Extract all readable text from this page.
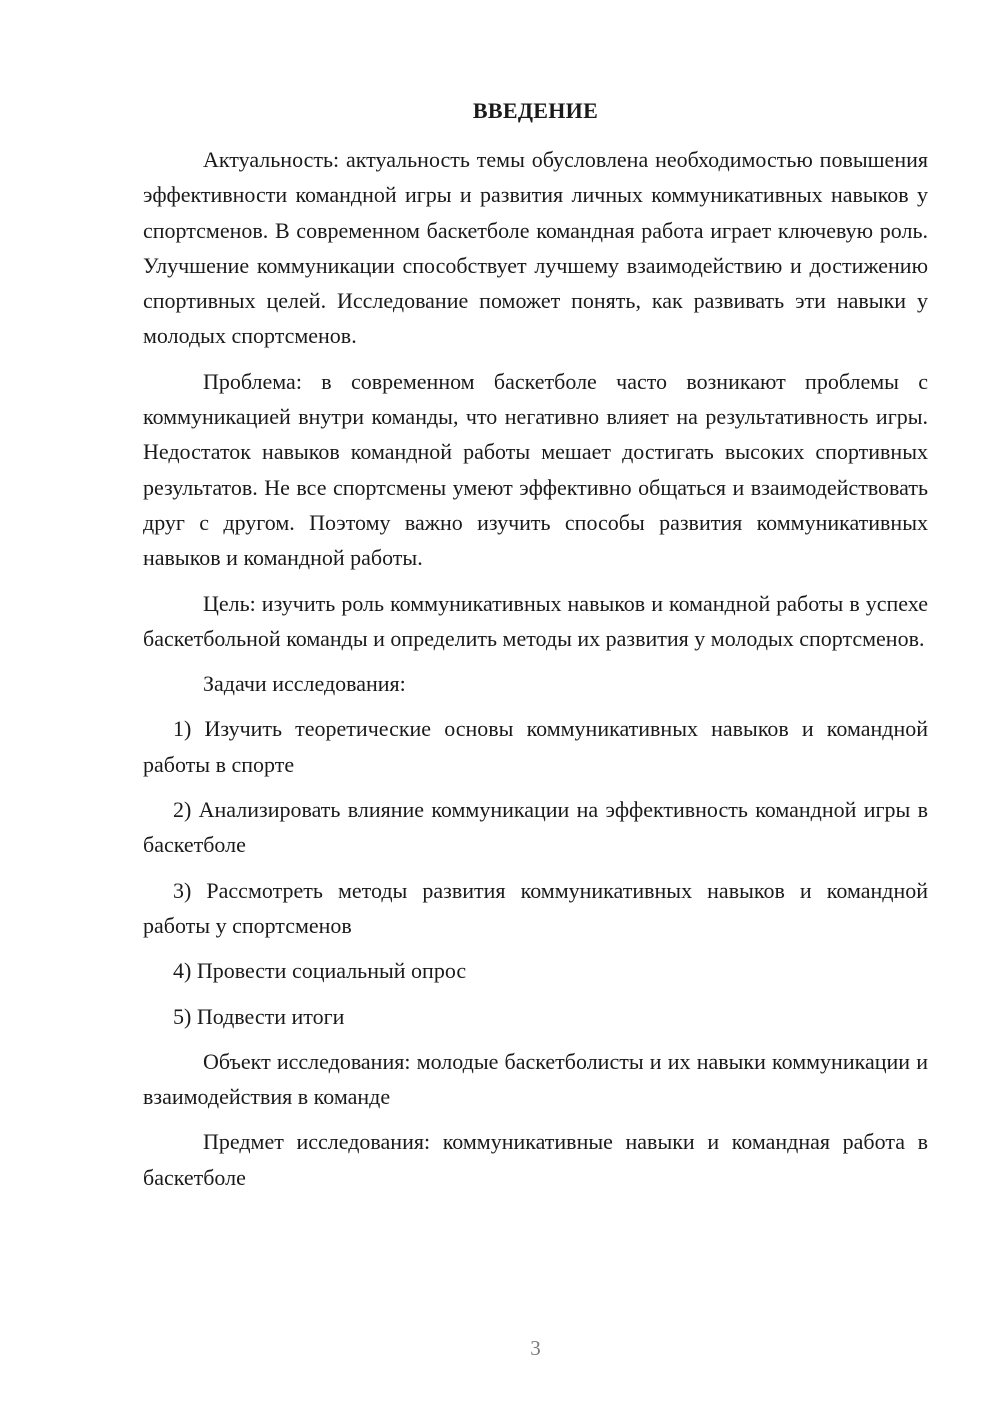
ВВЕДЕНИЕ

Актуальность: актуальность темы обусловлена необходимостью повышения эффективности командной игры и развития личных коммуникативных навыков у спортсменов. В современном баскетболе командная работа играет ключевую роль. Улучшение коммуникации способствует лучшему взаимодействию и достижению спортивных целей. Исследование поможет понять, как развивать эти навыки у молодых спортсменов.

Проблема: в современном баскетболе часто возникают проблемы с коммуникацией внутри команды, что негативно влияет на результативность игры. Недостаток навыков командной работы мешает достигать высоких спортивных результатов. Не все спортсмены умеют эффективно общаться и взаимодействовать друг с другом. Поэтому важно изучить способы развития коммуникативных навыков и командной работы.

Цель: изучить роль коммуникативных навыков и командной работы в успехе баскетбольной команды и определить методы их развития у молодых спортсменов.

Задачи исследования:

1) Изучить теоретические основы коммуникативных навыков и командной работы в спорте

2) Анализировать влияние коммуникации на эффективность командной игры в баскетболе

3) Рассмотреть методы развития коммуникативных навыков и командной работы у спортсменов

4) Провести социальный опрос

5) Подвести итоги

Объект исследования: молодые баскетболисты и их навыки коммуникации и взаимодействия в команде

Предмет исследования: коммуникативные навыки и командная работа в баскетболе

3
